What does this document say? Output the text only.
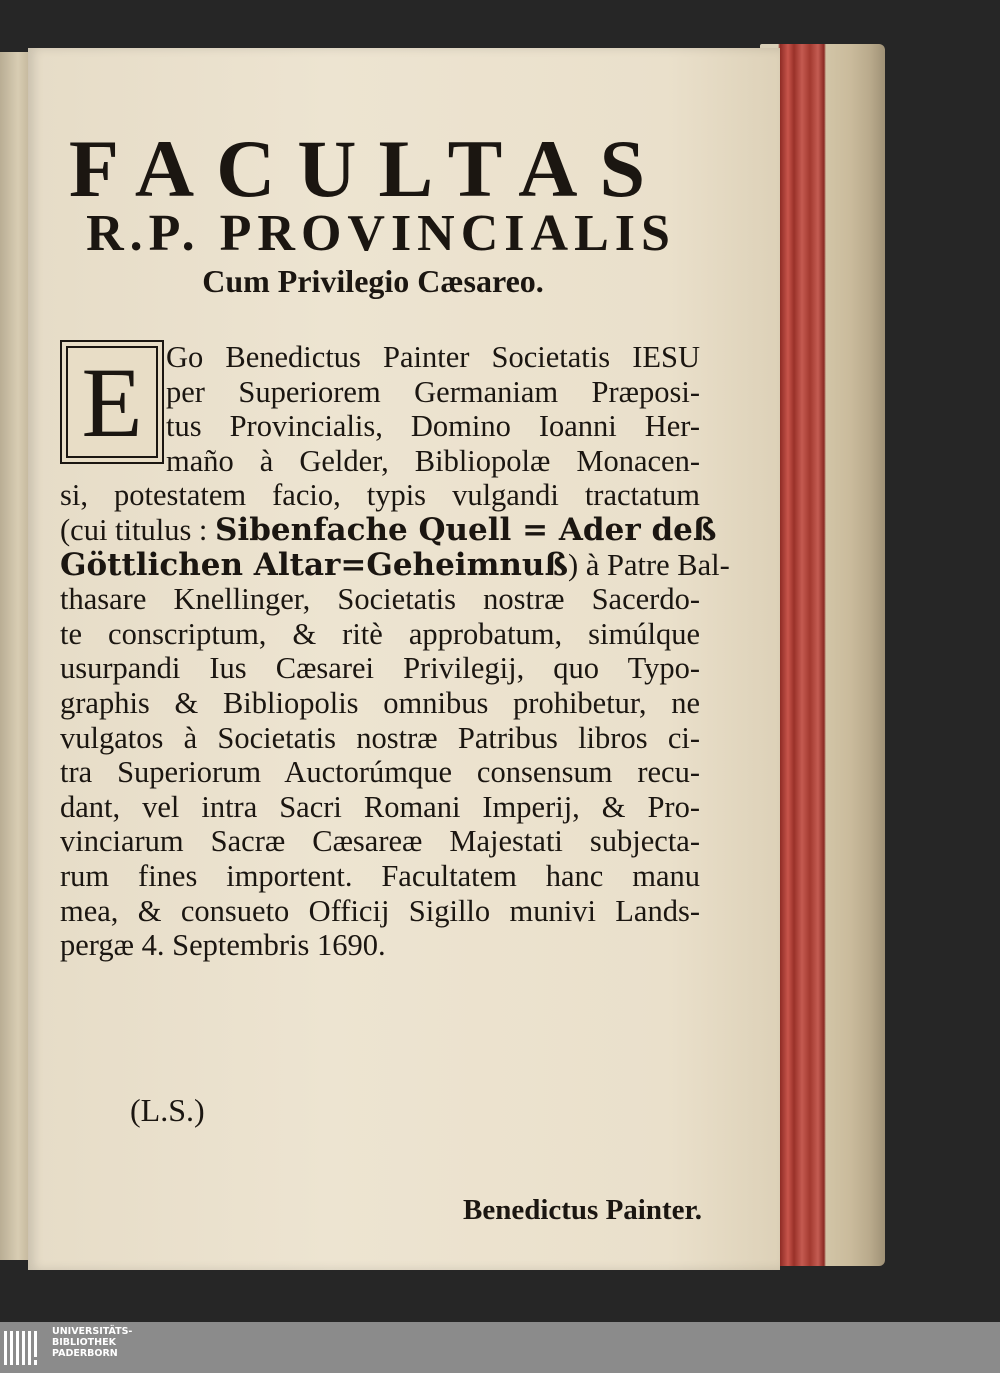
FACULTAS
R.P. PROVINCIALIS
Cum Privilegio Cæsareo.
E Go Benedictus Painter Societatis IESU
per Superiorem Germaniam Præposi-
tus Provincialis, Domino Ioanni Her-
maño à Gelder, Bibliopolæ Monacen-
si, potestatem facio, typis vulgandi tractatum
(cui titulus : Sibenfache Quell = Ader deß
Göttlichen Altar=Geheimnuß) à Patre Bal-
thasare Knellinger, Societatis nostræ Sacerdo-
te conscriptum, & ritè approbatum, simúlque
usurpandi Ius Cæsarei Privilegij, quo Typo-
graphis & Bibliopolis omnibus prohibetur, ne
vulgatos à Societatis nostræ Patribus libros ci-
tra Superiorum Auctorúmque consensum recu-
dant, vel intra Sacri Romani Imperij, & Pro-
vinciarum Sacræ Cæsareæ Majestati subjecta-
rum fines importent. Facultatem hanc manu
mea, & consueto Officij Sigillo munivi Lands-
pergæ 4. Septembris 1690.
(L.S.)
Benedictus Painter.
UNIVERSITÄTS-
BIBLIOTHEK
PADERBORN
